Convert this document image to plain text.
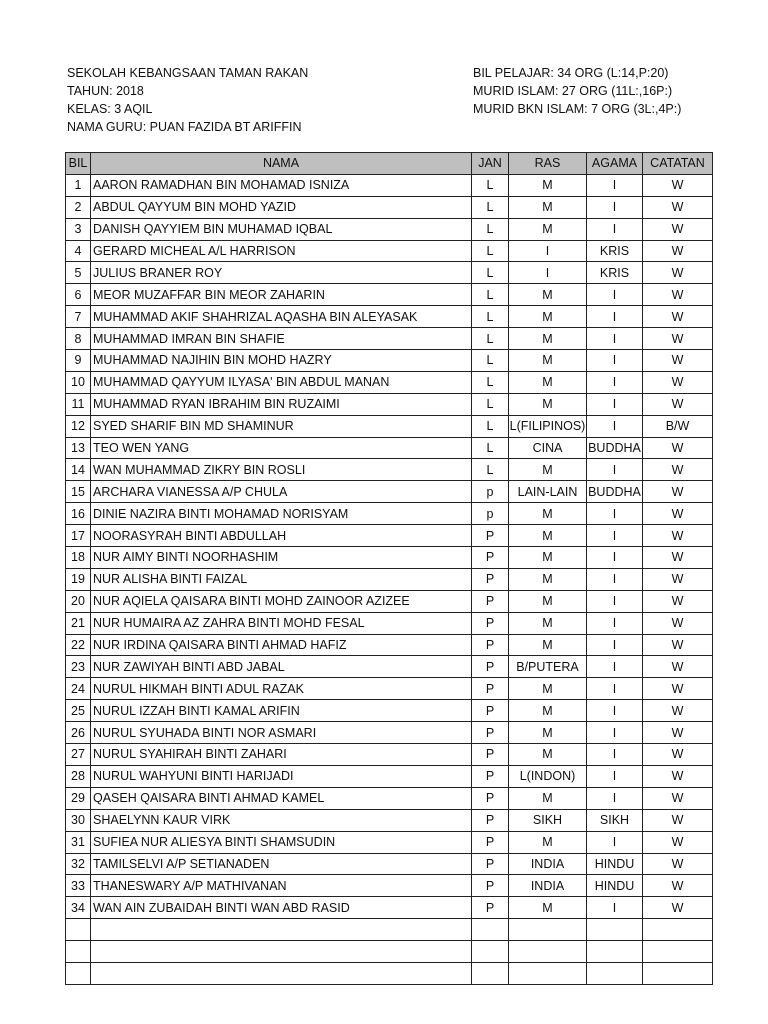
SEKOLAH KEBANGSAAN TAMAN RAKAN
TAHUN: 2018
KELAS: 3 AQIL
NAMA GURU: PUAN FAZIDA BT ARIFFIN
BIL PELAJAR: 34 ORG (L:14,P:20)
MURID ISLAM: 27 ORG (11L:,16P:)
MURID BKN ISLAM: 7 ORG (3L:,4P:)
BIL	NAMA	JAN	RAS	AGAMA	CATATAN
1	AARON RAMADHAN BIN MOHAMAD ISNIZA	L	M	I	W
2	ABDUL QAYYUM BIN MOHD YAZID	L	M	I	W
3	DANISH QAYYIEM BIN MUHAMAD IQBAL	L	M	I	W
4	GERARD MICHEAL A/L HARRISON	L	I	KRIS	W
5	JULIUS BRANER ROY	L	I	KRIS	W
6	MEOR MUZAFFAR BIN MEOR ZAHARIN	L	M	I	W
7	MUHAMMAD AKIF SHAHRIZAL AQASHA BIN ALEYASAK	L	M	I	W
8	MUHAMMAD IMRAN BIN SHAFIE	L	M	I	W
9	MUHAMMAD NAJIHIN BIN MOHD HAZRY	L	M	I	W
10	MUHAMMAD QAYYUM ILYASA' BIN ABDUL MANAN	L	M	I	W
11	MUHAMMAD RYAN IBRAHIM BIN RUZAIMI	L	M	I	W
12	SYED SHARIF BIN MD SHAMINUR	L	L(FILIPINOS)	I	B/W
13	TEO WEN YANG	L	CINA	BUDDHA	W
14	WAN MUHAMMAD ZIKRY BIN ROSLI	L	M	I	W
15	ARCHARA VIANESSA A/P CHULA	p	LAIN-LAIN	BUDDHA	W
16	DINIE NAZIRA BINTI MOHAMAD NORISYAM	p	M	I	W
17	NOORASYRAH BINTI ABDULLAH	P	M	I	W
18	NUR AIMY BINTI NOORHASHIM	P	M	I	W
19	NUR ALISHA BINTI FAIZAL	P	M	I	W
20	NUR AQIELA QAISARA BINTI MOHD ZAINOOR AZIZEE	P	M	I	W
21	NUR HUMAIRA AZ ZAHRA BINTI MOHD FESAL	P	M	I	W
22	NUR IRDINA QAISARA BINTI AHMAD HAFIZ	P	M	I	W
23	NUR ZAWIYAH BINTI ABD JABAL	P	B/PUTERA	I	W
24	NURUL HIKMAH BINTI ADUL RAZAK	P	M	I	W
25	NURUL IZZAH BINTI KAMAL ARIFIN	P	M	I	W
26	NURUL SYUHADA BINTI NOR ASMARI	P	M	I	W
27	NURUL SYAHIRAH BINTI ZAHARI	P	M	I	W
28	NURUL WAHYUNI BINTI HARIJADI	P	L(INDON)	I	W
29	QASEH QAISARA BINTI AHMAD KAMEL	P	M	I	W
30	SHAELYNN KAUR VIRK	P	SIKH	SIKH	W
31	SUFIEA NUR ALIESYA BINTI SHAMSUDIN	P	M	I	W
32	TAMILSELVI A/P SETIANADEN	P	INDIA	HINDU	W
33	THANESWARY A/P MATHIVANAN	P	INDIA	HINDU	W
34	WAN AIN ZUBAIDAH BINTI WAN ABD RASID	P	M	I	W
